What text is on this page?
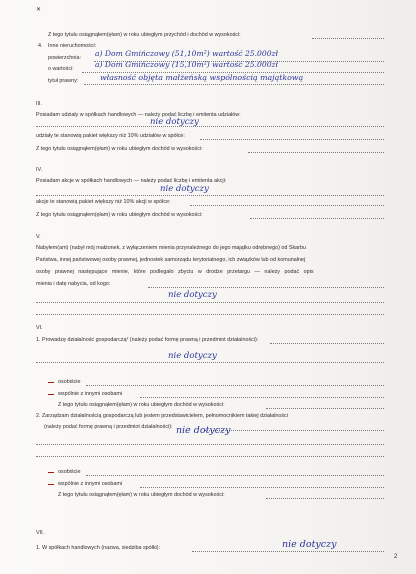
✕
Z tego tytułu osiągnąłem(ęłam) w roku ubiegłym przychód i dochód w wysokości:
4. Inne nieruchomości:
powierzchnia: a) Dom Gmińczowy (51,10m²) wartość 25.000zł
o wartości:	a) Dom Gmińczowy (15,10m²) wartość 25.000zł
tytuł prawny:	własność objęta małżeńską wspólnością majątkową
III.
Posiadam udziały w spółkach handlowych — należy podać liczbę i emitenta udziałów:
nie dotyczy
udziały te stanowią pakiet większy niż 10% udziałów w spółce:
Z tego tytułu osiągnąłem(ęłam) w roku ubiegłym dochód w wysokości:
IV.
Posiadam akcje w spółkach handlowych — należy podać liczbę i emitenta akcji:
nie dotyczy
akcje te stanowią pakiet większy niż 10% akcji w spółce:
Z tego tytułu osiągnąłem(ęłam) w roku ubiegłym dochód w wysokości:
V.
Nabyłem(am) (nabył mój małżonek, z wyłączeniem mienia przynależnego do jego majątku odrębnego) od Skarbu
Państwa, innej państwowej osoby prawnej, jednostek samorządu terytorialnego, ich związków lub od komunalnej
osoby prawnej następujące mienie, które podlegało zbyciu w drodze przetargu — należy podać opis
mienia i datę nabycia, od kogo:
nie dotyczy
VI.
1. Prowadzę działalność gospodarczą² (należy podać formę prawną i przedmiot działalności):
nie dotyczy
osobiście
wspólnie z innymi osobami
Z tego tytułu osiągnąłem(ęłam) w roku ubiegłym dochód w wysokości:
2. Zarządzam działalnością gospodarczą lub jestem przedstawicielem, pełnomocnikiem takiej działalności
(należy podać formę prawną i przedmiot działalności): nie dotyczy
osobiście
wspólnie z innymi osobami
Z tego tytułu osiągnąłem(ęłam) w roku ubiegłym dochód w wysokości:
VII.
1. W spółkach handlowych (nazwa, siedziba spółki):	nie dotyczy
2
